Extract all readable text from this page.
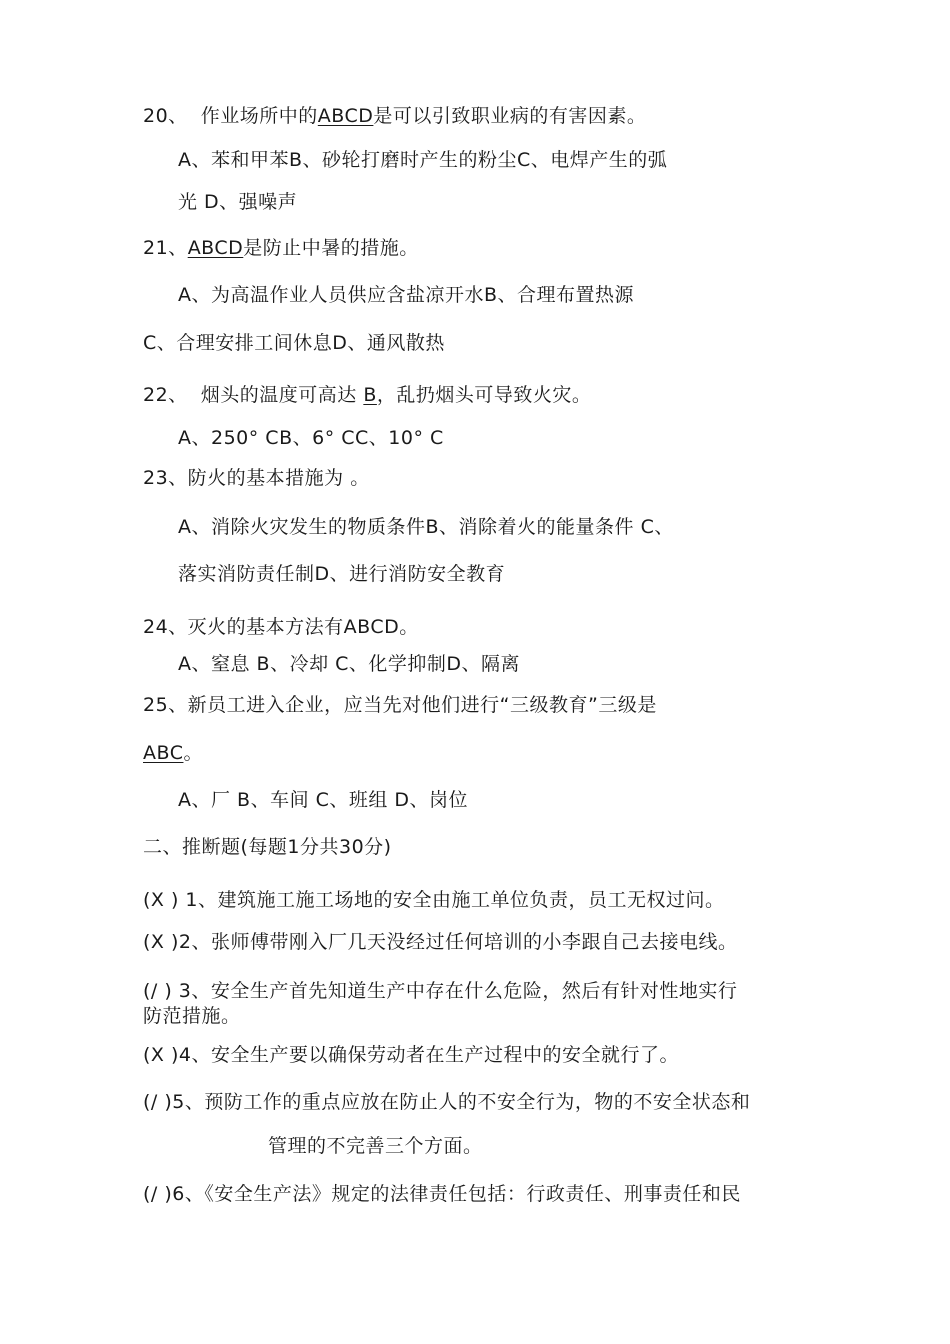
20、 作业场所中的ABCD是可以引致职业病的有害因素。
A、苯和甲苯B、砂轮打磨时产生的粉尘C、电焊产生的弧
光 D、强噪声
21、ABCD是防止中暑的措施。
A、为高温作业人员供应含盐凉开水B、合理布置热源
C、合理安排工间休息D、通风散热
22、 烟头的温度可高达 B，乱扔烟头可导致火灾。
A、250° CB、6° CC、10° C
23、防火的基本措施为 。
A、消除火灾发生的物质条件B、消除着火的能量条件 C、
落实消防责任制D、进行消防安全教育
24、灭火的基本方法有ABCD。
A、窒息 B、冷却 C、化学抑制D、隔离
25、新员工进入企业，应当先对他们进行“三级教育”三级是
ABC。
A、厂 B、车间 C、班组 D、岗位
二、推断题(每题1分共30分)
(X ) 1、建筑施工施工场地的安全由施工单位负责，员工无权过问。
(X )2、张师傅带刚入厂几天没经过任何培训的小李跟自己去接电线。
(/ ) 3、安全生产首先知道生产中存在什么危险，然后有针对性地实行
防范措施。
(X )4、安全生产要以确保劳动者在生产过程中的安全就行了。
(/ )5、预防工作的重点应放在防止人的不安全行为，物的不安全状态和
管理的不完善三个方面。
(/ )6、《安全生产法》规定的法律责任包括：行政责任、刑事责任和民
